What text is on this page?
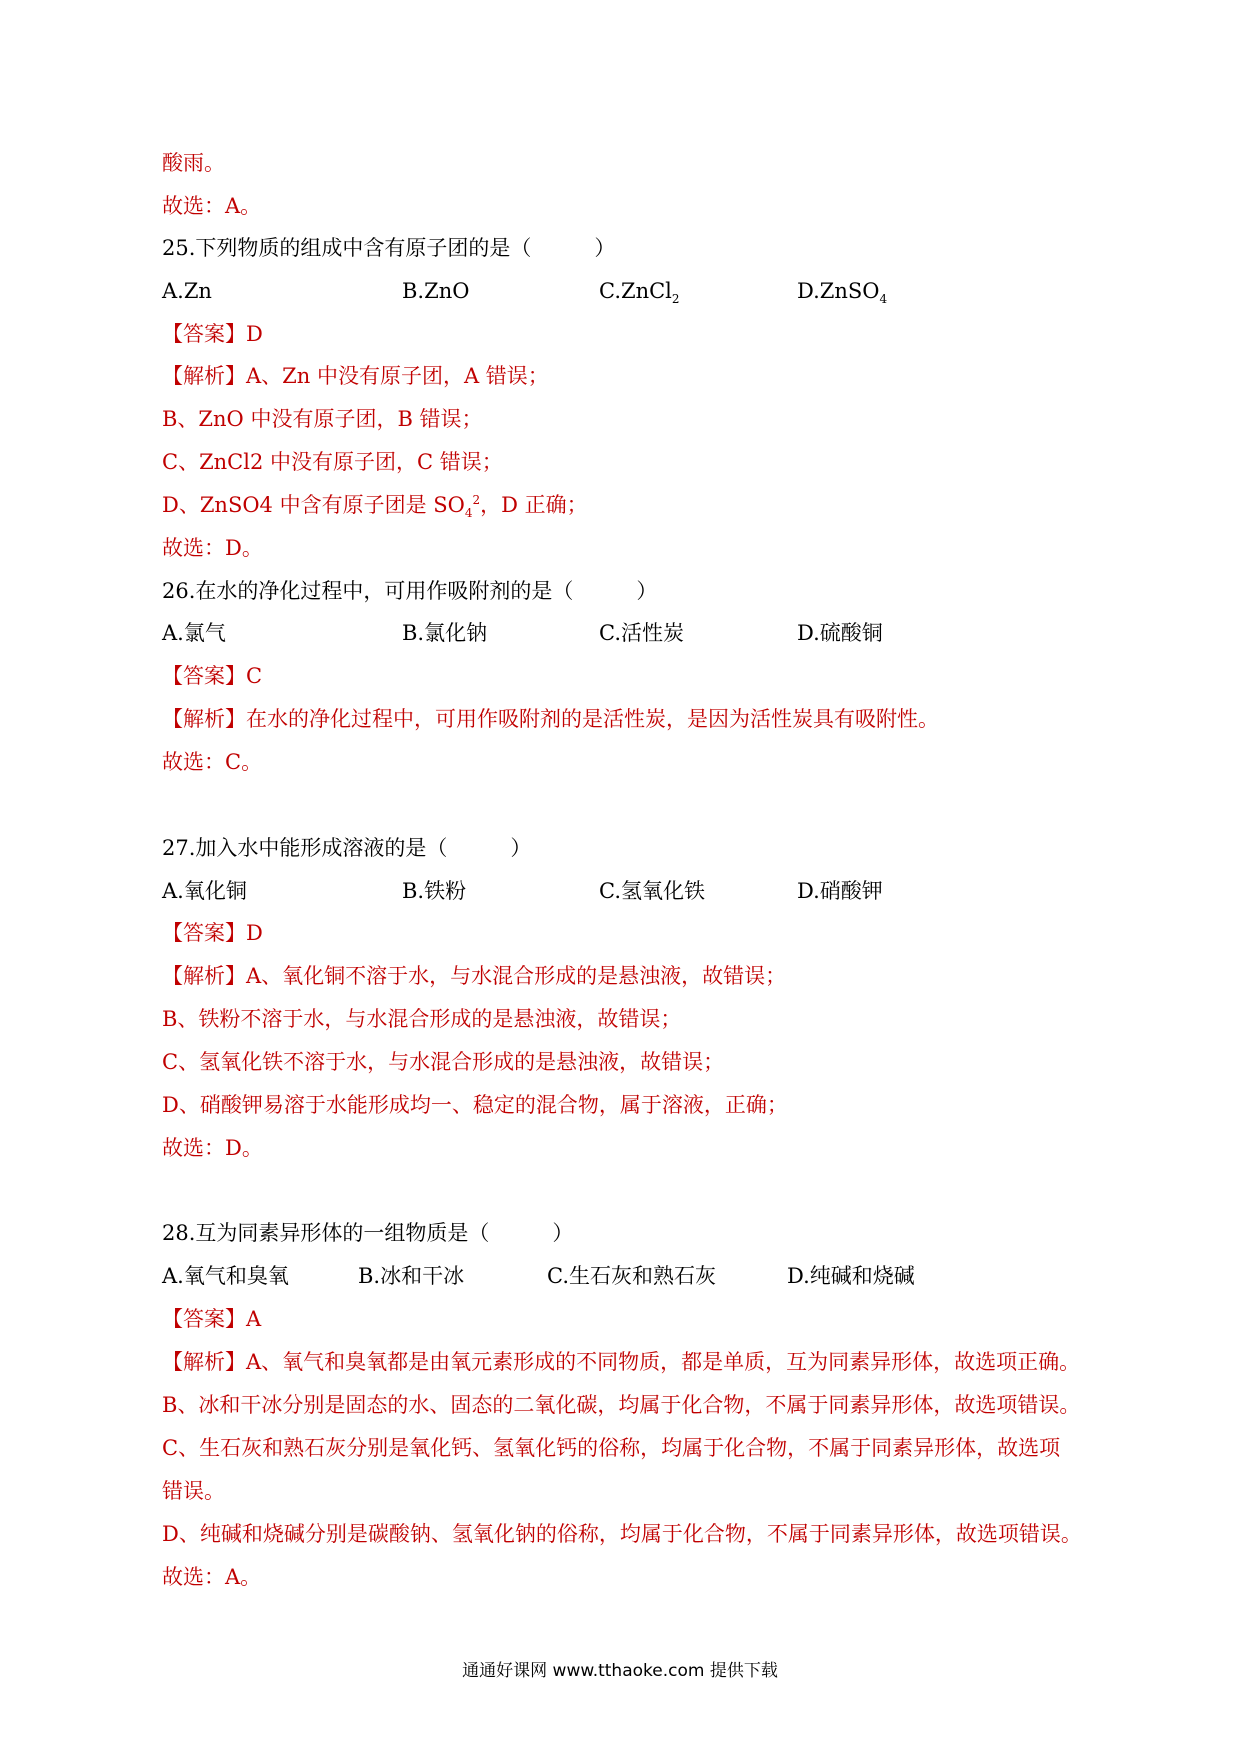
酸雨。
故选：A。
25.下列物质的组成中含有原子团的是（　　　）
A.Zn	B.ZnO	C.ZnCl$_2$	D.ZnSO$_4$
【答案】D
【解析】A、Zn 中没有原子团，A 错误；
B、ZnO 中没有原子团，B 错误；
C、ZnCl2 中没有原子团，C 错误；
D、ZnSO4 中含有原子团是 $SO_4^2$，D 正确；
故选：D。
26.在水的净化过程中，可用作吸附剂的是（　　　）
A.氯气	B.氯化钠	C.活性炭	D.硫酸铜
【答案】C
【解析】在水的净化过程中，可用作吸附剂的是活性炭，是因为活性炭具有吸附性。
故选：C。
27.加入水中能形成溶液的是（　　　）
A.氧化铜	B.铁粉	C.氢氧化铁	D.硝酸钾
【答案】D
【解析】A、氧化铜不溶于水，与水混合形成的是悬浊液，故错误；
B、铁粉不溶于水，与水混合形成的是悬浊液，故错误；
C、氢氧化铁不溶于水，与水混合形成的是悬浊液，故错误；
D、硝酸钾易溶于水能形成均一、稳定的混合物，属于溶液，正确；
故选：D。
28.互为同素异形体的一组物质是（　　　）
A.氧气和臭氧	B.冰和干冰	C.生石灰和熟石灰	D.纯碱和烧碱
【答案】A
【解析】A、氧气和臭氧都是由氧元素形成的不同物质，都是单质，互为同素异形体，故选项正确。
B、冰和干冰分别是固态的水、固态的二氧化碳，均属于化合物，不属于同素异形体，故选项错误。
C、生石灰和熟石灰分别是氧化钙、氢氧化钙的俗称，均属于化合物，不属于同素异形体，故选项
错误。
D、纯碱和烧碱分别是碳酸钠、氢氧化钠的俗称，均属于化合物，不属于同素异形体，故选项错误。
故选：A。
通通好课网 www.tthaoke.com 提供下载
